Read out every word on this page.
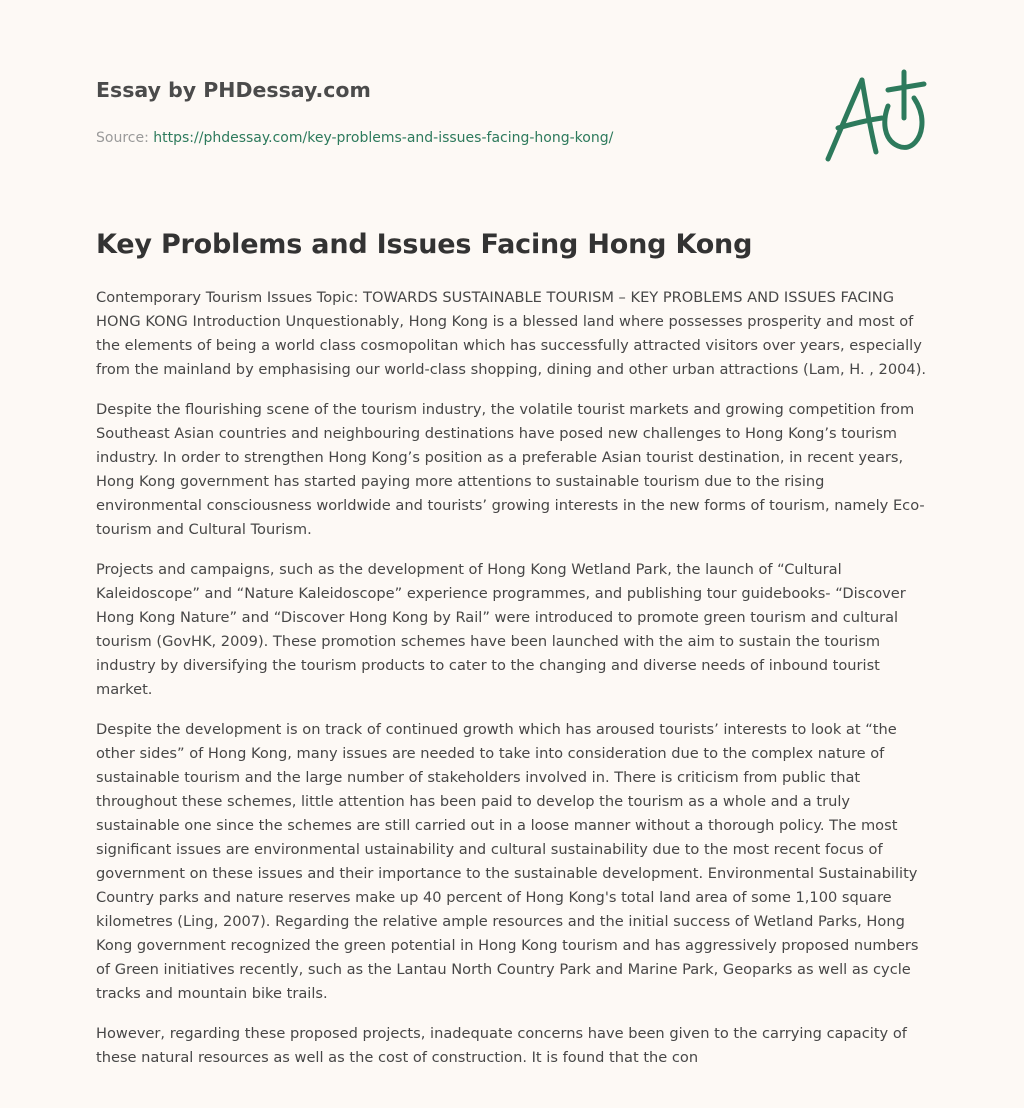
Essay by PHDessay.com
Source: https://phdessay.com/key-problems-and-issues-facing-hong-kong/
Key Problems and Issues Facing Hong Kong

Contemporary Tourism Issues Topic: TOWARDS SUSTAINABLE TOURISM – KEY PROBLEMS AND ISSUES FACING HONG KONG Introduction Unquestionably, Hong Kong is a blessed land where possesses prosperity and most of the elements of being a world class cosmopolitan which has successfully attracted visitors over years, especially from the mainland by emphasising our world-class shopping, dining and other urban attractions (Lam, H. , 2004).

Despite the flourishing scene of the tourism industry, the volatile tourist markets and growing competition from Southeast Asian countries and neighbouring destinations have posed new challenges to Hong Kong’s tourism industry. In order to strengthen Hong Kong’s position as a preferable Asian tourist destination, in recent years, Hong Kong government has started paying more attentions to sustainable tourism due to the rising environmental consciousness worldwide and tourists’ growing interests in the new forms of tourism, namely Eco-tourism and Cultural Tourism.

Projects and campaigns, such as the development of Hong Kong Wetland Park, the launch of “Cultural Kaleidoscope” and “Nature Kaleidoscope” experience programmes, and publishing tour guidebooks- “Discover Hong Kong Nature” and “Discover Hong Kong by Rail” were introduced to promote green tourism and cultural tourism (GovHK, 2009). These promotion schemes have been launched with the aim to sustain the tourism industry by diversifying the tourism products to cater to the changing and diverse needs of inbound tourist market.

Despite the development is on track of continued growth which has aroused tourists’ interests to look at “the other sides” of Hong Kong, many issues are needed to take into consideration due to the complex nature of sustainable tourism and the large number of stakeholders involved in. There is criticism from public that throughout these schemes, little attention has been paid to develop the tourism as a whole and a truly sustainable one since the schemes are still carried out in a loose manner without a thorough policy. The most significant issues are environmental ustainability and cultural sustainability due to the most recent focus of government on these issues and their importance to the sustainable development. Environmental Sustainability Country parks and nature reserves make up 40 percent of Hong Kong's total land area of some 1,100 square kilometres (Ling, 2007). Regarding the relative ample resources and the initial success of Wetland Parks, Hong Kong government recognized the green potential in Hong Kong tourism and has aggressively proposed numbers of Green initiatives recently, such as the Lantau North Country Park and Marine Park, Geoparks as well as cycle tracks and mountain bike trails.

However, regarding these proposed projects, inadequate concerns have been given to the carrying capacity of these natural resources as well as the cost of construction. It is found that the con
